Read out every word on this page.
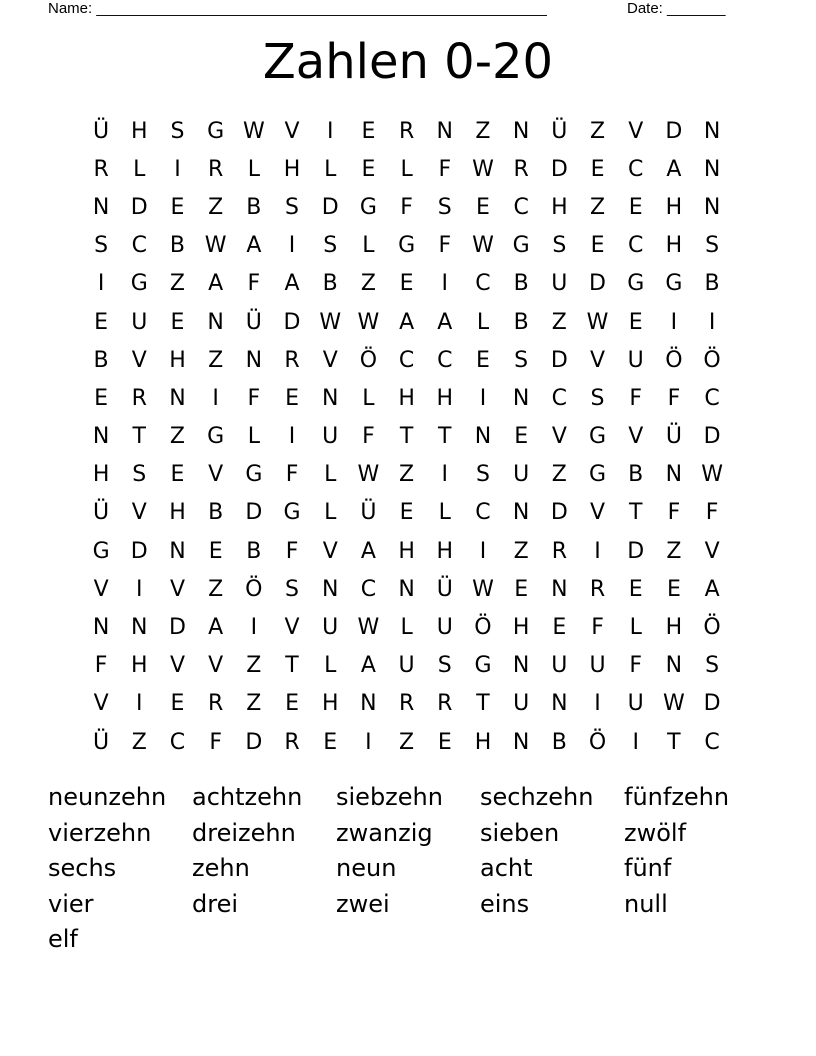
Name: ______________________________________________________	Date: _______
Zahlen 0-20
Ü H	S	G W V	I	E	R	N	Z	N Ü	Z	V	D N
R	L	I	R	L	H	L	E	L	F W R	D	E	C	A	N
N D	E	Z	B	S	D G	F	S	E	C	H	Z	E	H N
S	C	B W A	I	S	L	G	F W G	S	E	C	H	S
I	G	Z	A	F	A	B	Z	E	I	C	B	U D G G	B
E	U	E	N Ü D W W A	A	L	B	Z W E	I	I
B	V	H	Z	N	R	V Ö C	C	E	S	D	V	U Ö Ö
E	R	N	I	F	E	N	L	H H	I	N	C	S	F	F	C
N	T	Z	G	L	I	U	F	T	T	N	E	V	G	V	Ü D
H	S	E	V	G	F	L W Z	I	S	U	Z	G	B	N W
Ü	V	H	B	D G	L	Ü	E	L	C	N D	V	T	F	F
G D N	E	B	F	V	A	H H	I	Z	R	I	D	Z	V
V	I	V	Z Ö	S	N	C	N Ü W E	N	R	E	E	A
N N D	A	I	V	U W L	U Ö H	E	F	L	H Ö
F	H	V	V	Z	T	L	A	U	S	G N U	U	F	N	S
V	I	E	R	Z	E	H N	R	R	T	U N	I	U W D
Ü	Z	C	F	D	R	E	I	Z	E	H N	B Ö	I	T	C
neunzehn	achtzehn	siebzehn	sechzehn	fünfzehn
vierzehn	dreizehn	zwanzig	sieben	zwölf
sechs	zehn	neun	acht	fünf
vier	drei	zwei	eins	null
elf
